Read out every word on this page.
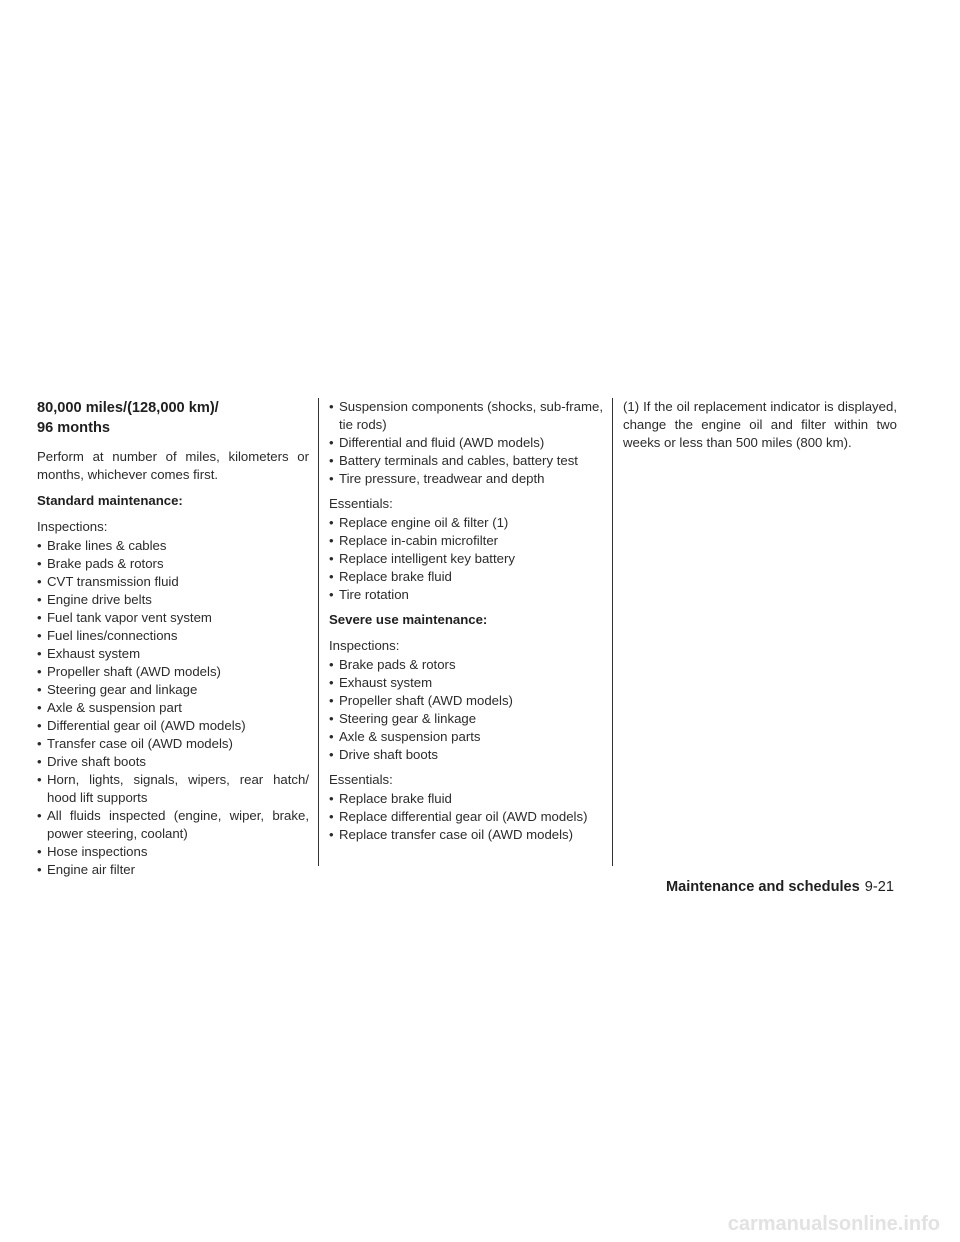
80,000 miles/(128,000 km)/
96 months

Perform at number of miles, kilometers or months, whichever comes first.

Standard maintenance:

Inspections:
• Brake lines & cables
• Brake pads & rotors
• CVT transmission fluid
• Engine drive belts
• Fuel tank vapor vent system
• Fuel lines/connections
• Exhaust system
• Propeller shaft (AWD models)
• Steering gear and linkage
• Axle & suspension part
• Differential gear oil (AWD models)
• Transfer case oil (AWD models)
• Drive shaft boots
• Horn, lights, signals, wipers, rear hatch/ hood lift supports
• All fluids inspected (engine, wiper, brake, power steering, coolant)
• Hose inspections
• Engine air filter
• Suspension components (shocks, sub-frame, tie rods)
• Differential and fluid (AWD models)
• Battery terminals and cables, battery test
• Tire pressure, treadwear and depth
Essentials:
• Replace engine oil & filter (1)
• Replace in-cabin microfilter
• Replace intelligent key battery
• Replace brake fluid
• Tire rotation

Severe use maintenance:

Inspections:
• Brake pads & rotors
• Exhaust system
• Propeller shaft (AWD models)
• Steering gear & linkage
• Axle & suspension parts
• Drive shaft boots
Essentials:
• Replace brake fluid
• Replace differential gear oil (AWD models)
• Replace transfer case oil (AWD models)

(1) If the oil replacement indicator is displayed, change the engine oil and filter within two weeks or less than 500 miles (800 km).

Maintenance and schedules 9-21
carmanualsonline.info
